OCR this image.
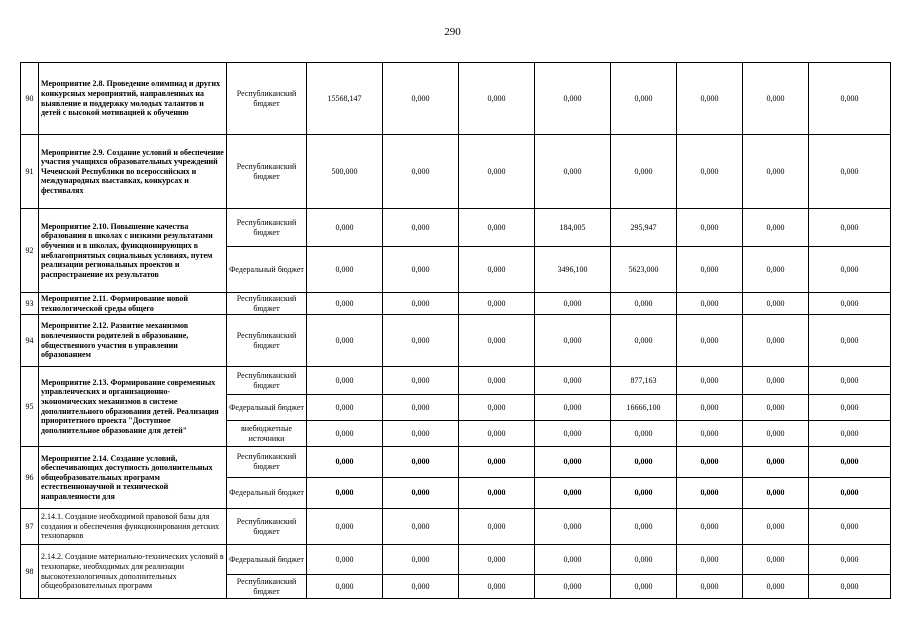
290
90	Мероприятие 2.8. Проведение олимпиад и других конкурсных мероприятий, направленных на выявление и поддержку молодых талантов и детей с высокой мотивацией к обучению	Республиканский бюджет	15568,147	0,000	0,000	0,000	0,000	0,000	0,000	0,000
91	Мероприятие 2.9. Создание условий и обеспечение участия учащихся образовательных учреждений Чеченской Республики во всероссийских и международных выставках, конкурсах и фестивалях	Республиканский бюджет	500,000	0,000	0,000	0,000	0,000	0,000	0,000	0,000
92	Мероприятие 2.10. Повышение качества образования в школах с низкими результатами обучения и в школах, функционирующих в неблагоприятных социальных условиях, путем реализации региональных проектов и распространение их результатов	Республиканский бюджет	0,000	0,000	0,000	184,005	295,947	0,000	0,000	0,000
		Федеральный бюджет	0,000	0,000	0,000	3496,100	5623,000	0,000	0,000	0,000
93	Мероприятие 2.11. Формирование новой технологической среды общего	Республиканский бюджет	0,000	0,000	0,000	0,000	0,000	0,000	0,000	0,000
94	Мероприятие 2.12. Развитие механизмов вовлеченности родителей в образование, общественного участия в управлении образованием	Республиканский бюджет	0,000	0,000	0,000	0,000	0,000	0,000	0,000	0,000
95	Мероприятие 2.13. Формирование современных управленческих и организационно-экономических механизмов в системе дополнительного образования детей. Реализация приоритетного проекта "Доступное дополнительное образование для детей"	Республиканский бюджет	0,000	0,000	0,000	0,000	877,163	0,000	0,000	0,000
		Федеральный бюджет	0,000	0,000	0,000	0,000	16666,100	0,000	0,000	0,000
		внебюджетные источники	0,000	0,000	0,000	0,000	0,000	0,000	0,000	0,000
96	Мероприятие 2.14. Создание условий, обеспечивающих доступность дополнительных общеобразовательных программ естественнонаучной и технической направленности для	Республиканский бюджет	0,000	0,000	0,000	0,000	0,000	0,000	0,000	0,000
		Федеральный бюджет	0,000	0,000	0,000	0,000	0,000	0,000	0,000	0,000
97	2.14.1. Создание необходимой правовой базы для создания и обеспечения функционирования детских технопарков	Республиканский бюджет	0,000	0,000	0,000	0,000	0,000	0,000	0,000	0,000
98	2.14.2. Создание материально-технических условий в технопарке, необходимых для реализации высокотехнологичных дополнительных общеобразовательных программ	Федеральный бюджет	0,000	0,000	0,000	0,000	0,000	0,000	0,000	0,000
		Республиканский бюджет	0,000	0,000	0,000	0,000	0,000	0,000	0,000	0,000
